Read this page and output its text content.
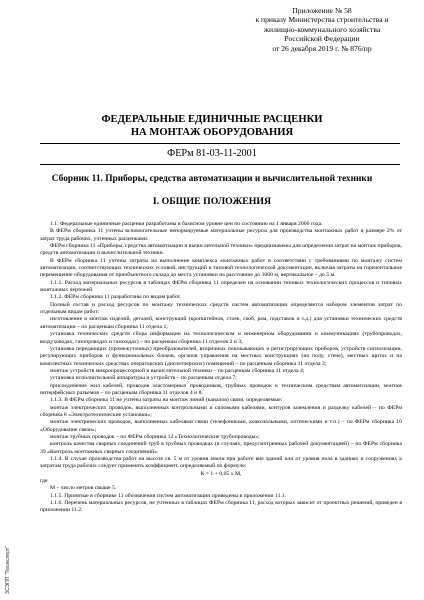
Приложение № 58
к приказу Министерства строительства и
жилищно-коммунального хозяйства
Российской Федерации
от 26 декабря 2019 г. № 876/пр
ФЕДЕРАЛЬНЫЕ ЕДИНИЧНЫЕ РАСЦЕНКИ
НА МОНТАЖ ОБОРУДОВАНИЯ
ФЕРм 81-03-11-2001
Сборник 11. Приборы, средства автоматизации и вычислительной техники
I. ОБЩИЕ ПОЛОЖЕНИЯ

1.1. Федеральные единичные расценки разработаны в базисном уровне цен по состоянию на 1 января 2000 года.

В ФЕРм сборника 11 учтены вспомогательные ненормируемые материальные ресурсы для производства монтажных работ в размере 2% от затрат труда рабочих, учтенных расценками.

ФЕРм сборника 11 «Приборы, средства автоматизации и вычислительной техники» предназначены для определения затрат на монтаж приборов, средств автоматизации и вычислительной техники.

В ФЕРм сборника 11 учтены затраты на выполнение комплекса монтажных работ в соответствии с требованиями по монтажу систем автоматизации, соответствующих технических условий, инструкций и типовой технологической документации, включая затраты на горизонтальное перемещение оборудования от приобъектного склада до места установки на расстояние до 1000 м, вертикальное – до 5 м.

1.1.1. Расход материальных ресурсов в таблицах ФЕРм сборника 11 определен на основании типовых технологических процессов и типовых монтажных чертежей.

1.1.2. ФЕРм сборника 11 разработаны по видам работ.

Полный состав и расход ресурсов по монтажу технических средств систем автоматизации определяется набором элементов затрат по отдельным видам работ:

изготовление и монтаж изделий, деталей, конструкций (кронштейнов, стоек, скоб, рам, подставок и т.д.) для установки технических средств автоматизации – по расценкам сборника 11 отдела 1;

установка технических средств сбора информации на технологическом и инженерном оборудовании и коммуникациях (трубопроводах, воздуховодах, газопроводах и газоходах) – по расценкам сборника 11 отделов 2 и 3;

установка передающих (промежуточных) преобразователей, вторичных показывающих и регистрирующих приборов, устройств сигнализации, регулирующих приборов и функциональных блоков, органов управления на местных конструкциях (на полу, стене), местных щитах и на комплектных технических средствах операторских (диспетчерских) помещений – по расценкам сборника 11 отдела 3;

монтаж устройств микропроцессорной и вычислительной техники – по расценкам сборника 11 отдела 4;

установка исполнительной аппаратуры и устройств – по расценкам отдела 7;

присоединение жил кабелей, проводов эластомерных проводников, трубных проводок к техническим средствам автоматизации, монтаж интерфейсных разъемов – по расценкам сборника 11 отделов 4 и 8.

1.1.3. В ФЕРм сборника 11 не учтены затраты на монтаж линий (каналов) связи, определяемые:

монтаж электрических проводок, выполненных контрольными и силовыми кабелями, контуров заземления и разделку кабелей – по ФЕРм сборника 8 «Электротехнические установки»;

монтаж электрических проводок, выполненных кабелями связи (телефонными, коаксиальными, оптическими и т.п.) – по ФЕРм сборника 10 «Оборудование связи»;

монтаж трубных проводок – по ФЕРм сборника 12 «Технологические трубопроводы»;

контроль качества сварных соединений труб в трубных проводках (в случаях, предусмотренных рабочей документацией) – по ФЕРм сборника 39 «Контроль монтажных сварных соединений».

1.1.4. В случае производства работ на высоте св. 5 м от уровня земли при работе вне зданий или от уровня пола в зданиях и сооружениях к затратам труда рабочих следует применять коэффициент, определяемый по формуле:

К = 1 + 0,05 х М,

где

М – число метров свыше 5.

1.1.5. Принятые в сборнике 11 обозначения систем автоматизации приведены в приложении 11.1.

1.1.6. Перечень материальных ресурсов, не учтенных в таблицах ФЕРм сборника 11, расход которых зависит от проектных решений, приведен в приложении 11.2.

ЗСЭПП "Техэксперт"
